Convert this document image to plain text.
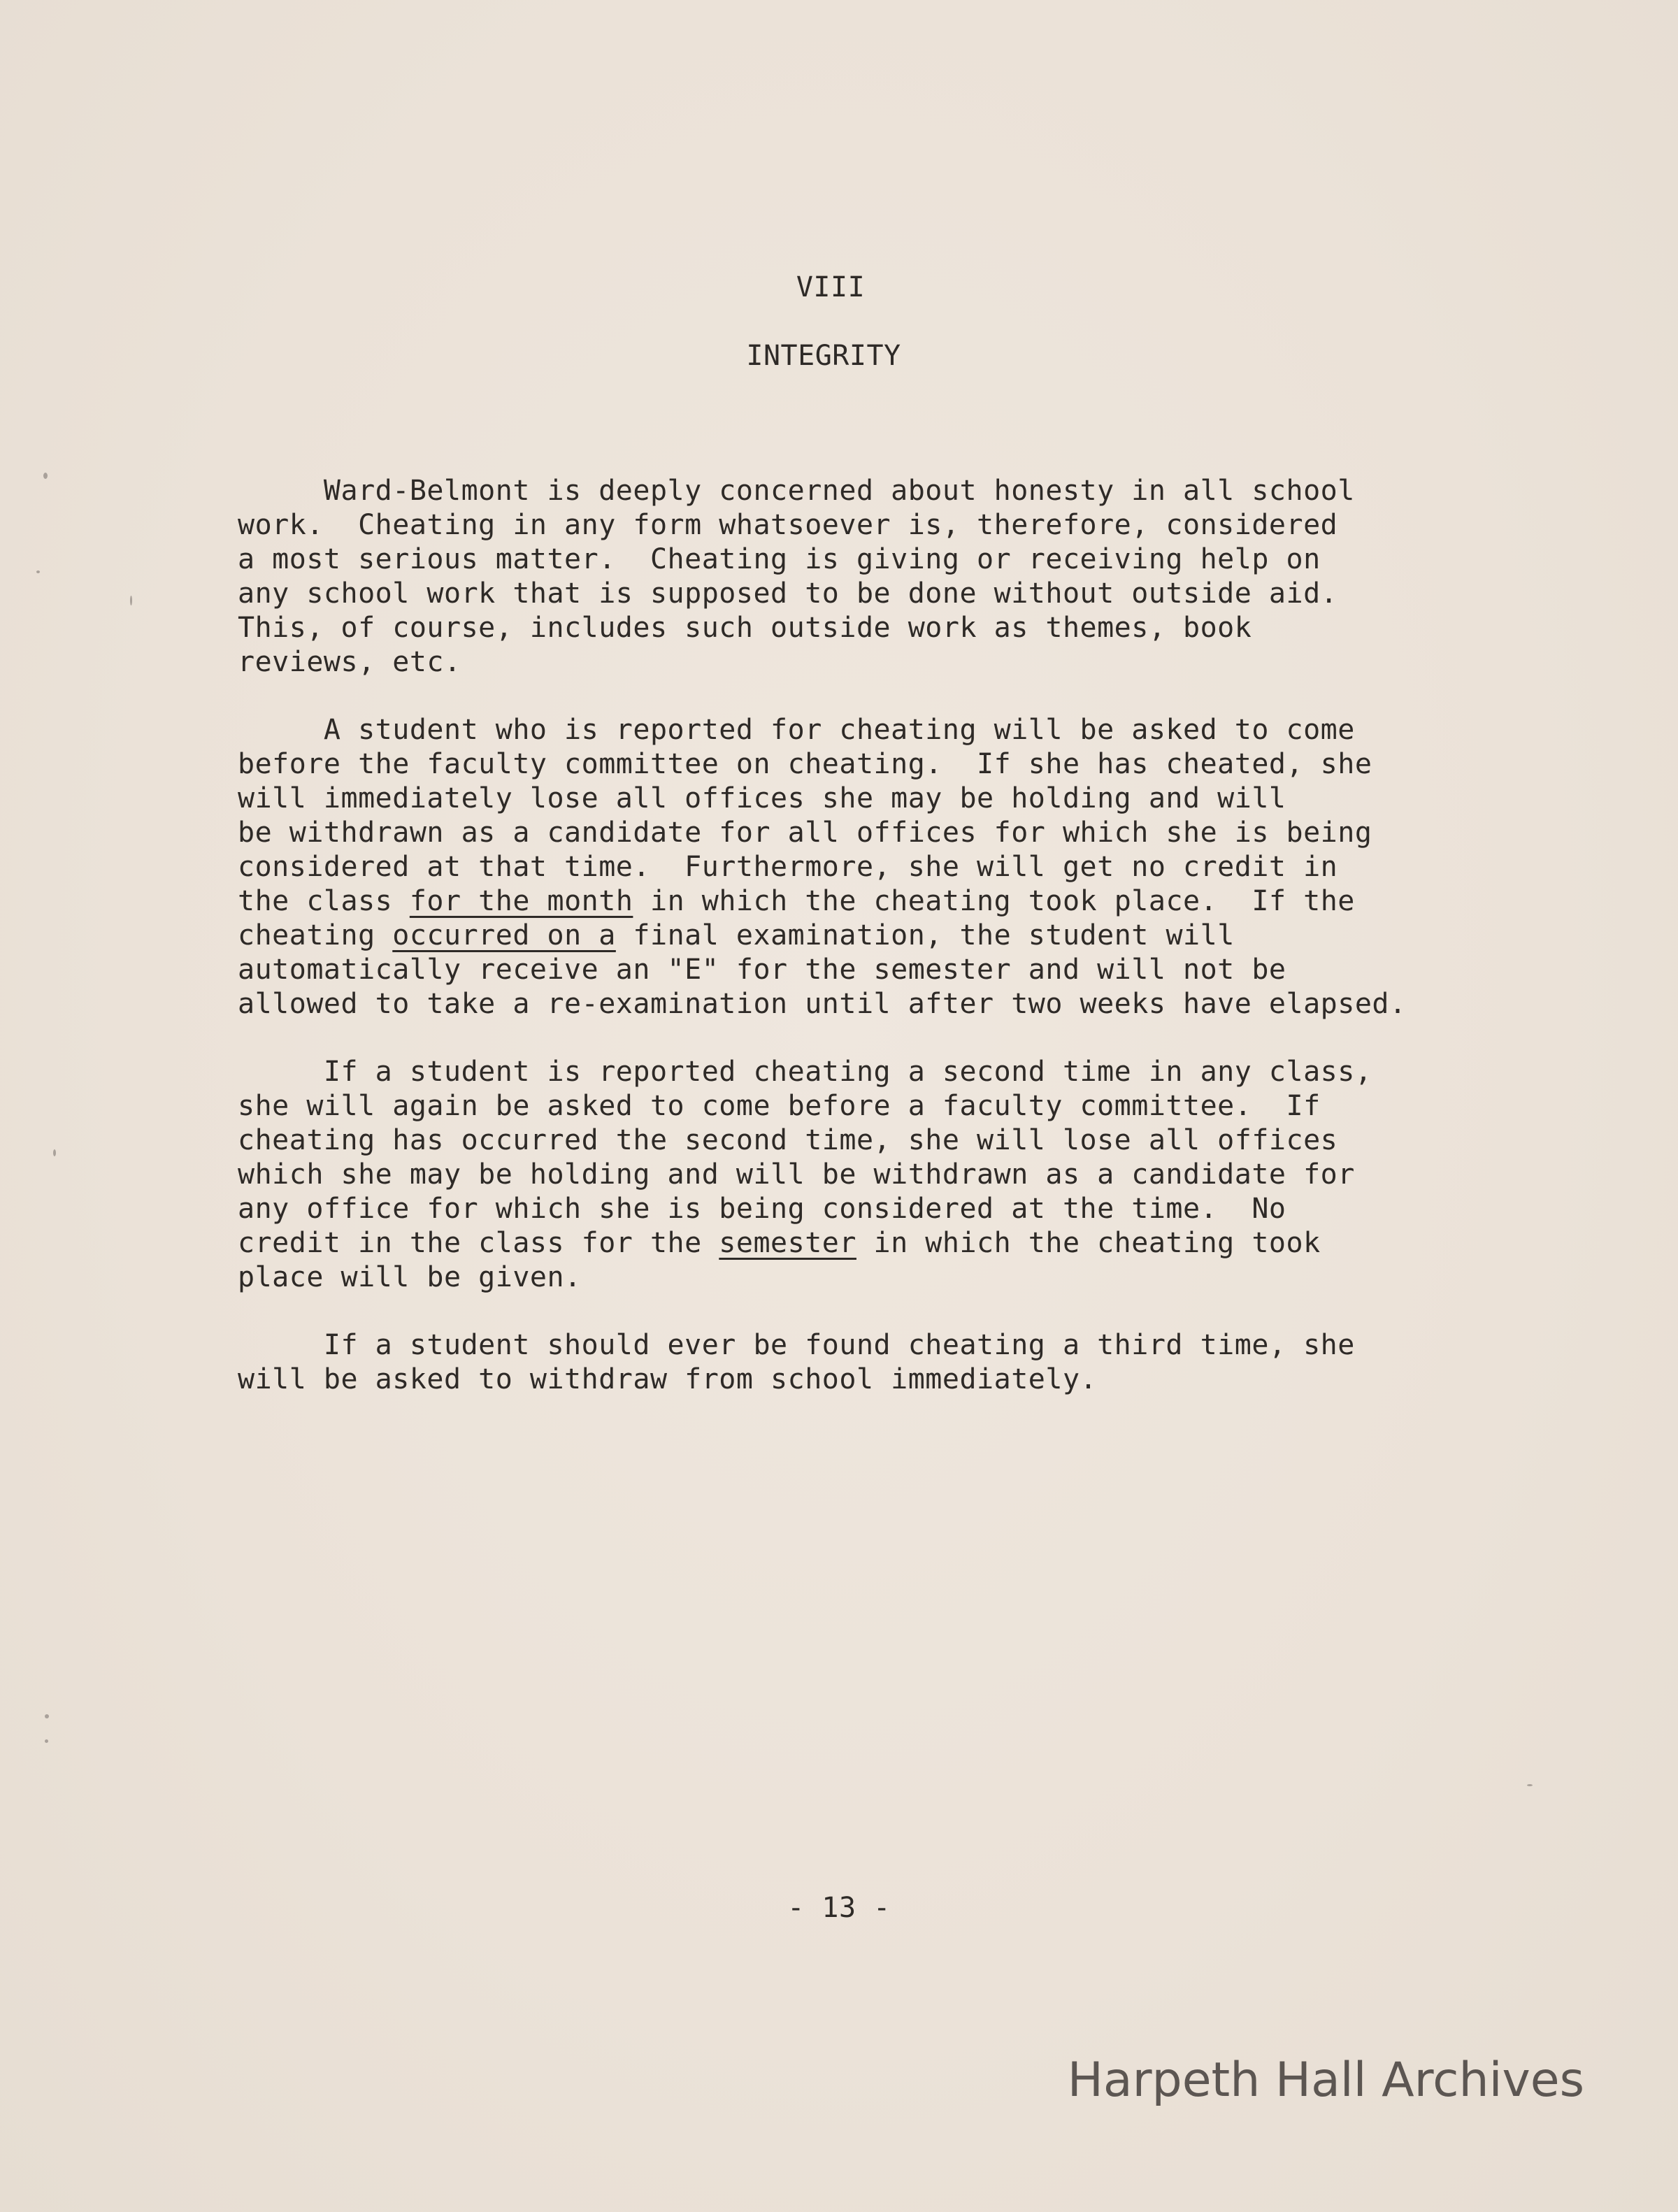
VIII

INTEGRITY

Ward-Belmont is deeply concerned about honesty in all school
work.  Cheating in any form whatsoever is, therefore, considered
a most serious matter.  Cheating is giving or receiving help on
any school work that is supposed to be done without outside aid.
This, of course, includes such outside work as themes, book
reviews, etc.

A student who is reported for cheating will be asked to come
before the faculty committee on cheating.  If she has cheated, she
will immediately lose all offices she may be holding and will
be withdrawn as a candidate for all offices for which she is being
considered at that time.  Furthermore, she will get no credit in
the class for the month in which the cheating took place.  If the
cheating occurred on a final examination, the student will
automatically receive an "E" for the semester and will not be
allowed to take a re-examination until after two weeks have elapsed.

If a student is reported cheating a second time in any class,
she will again be asked to come before a faculty committee.  If
cheating has occurred the second time, she will lose all offices
which she may be holding and will be withdrawn as a candidate for
any office for which she is being considered at the time.  No
credit in the class for the semester in which the cheating took
place will be given.

If a student should ever be found cheating a third time, she
will be asked to withdraw from school immediately.

- 13 -

Harpeth Hall Archives
